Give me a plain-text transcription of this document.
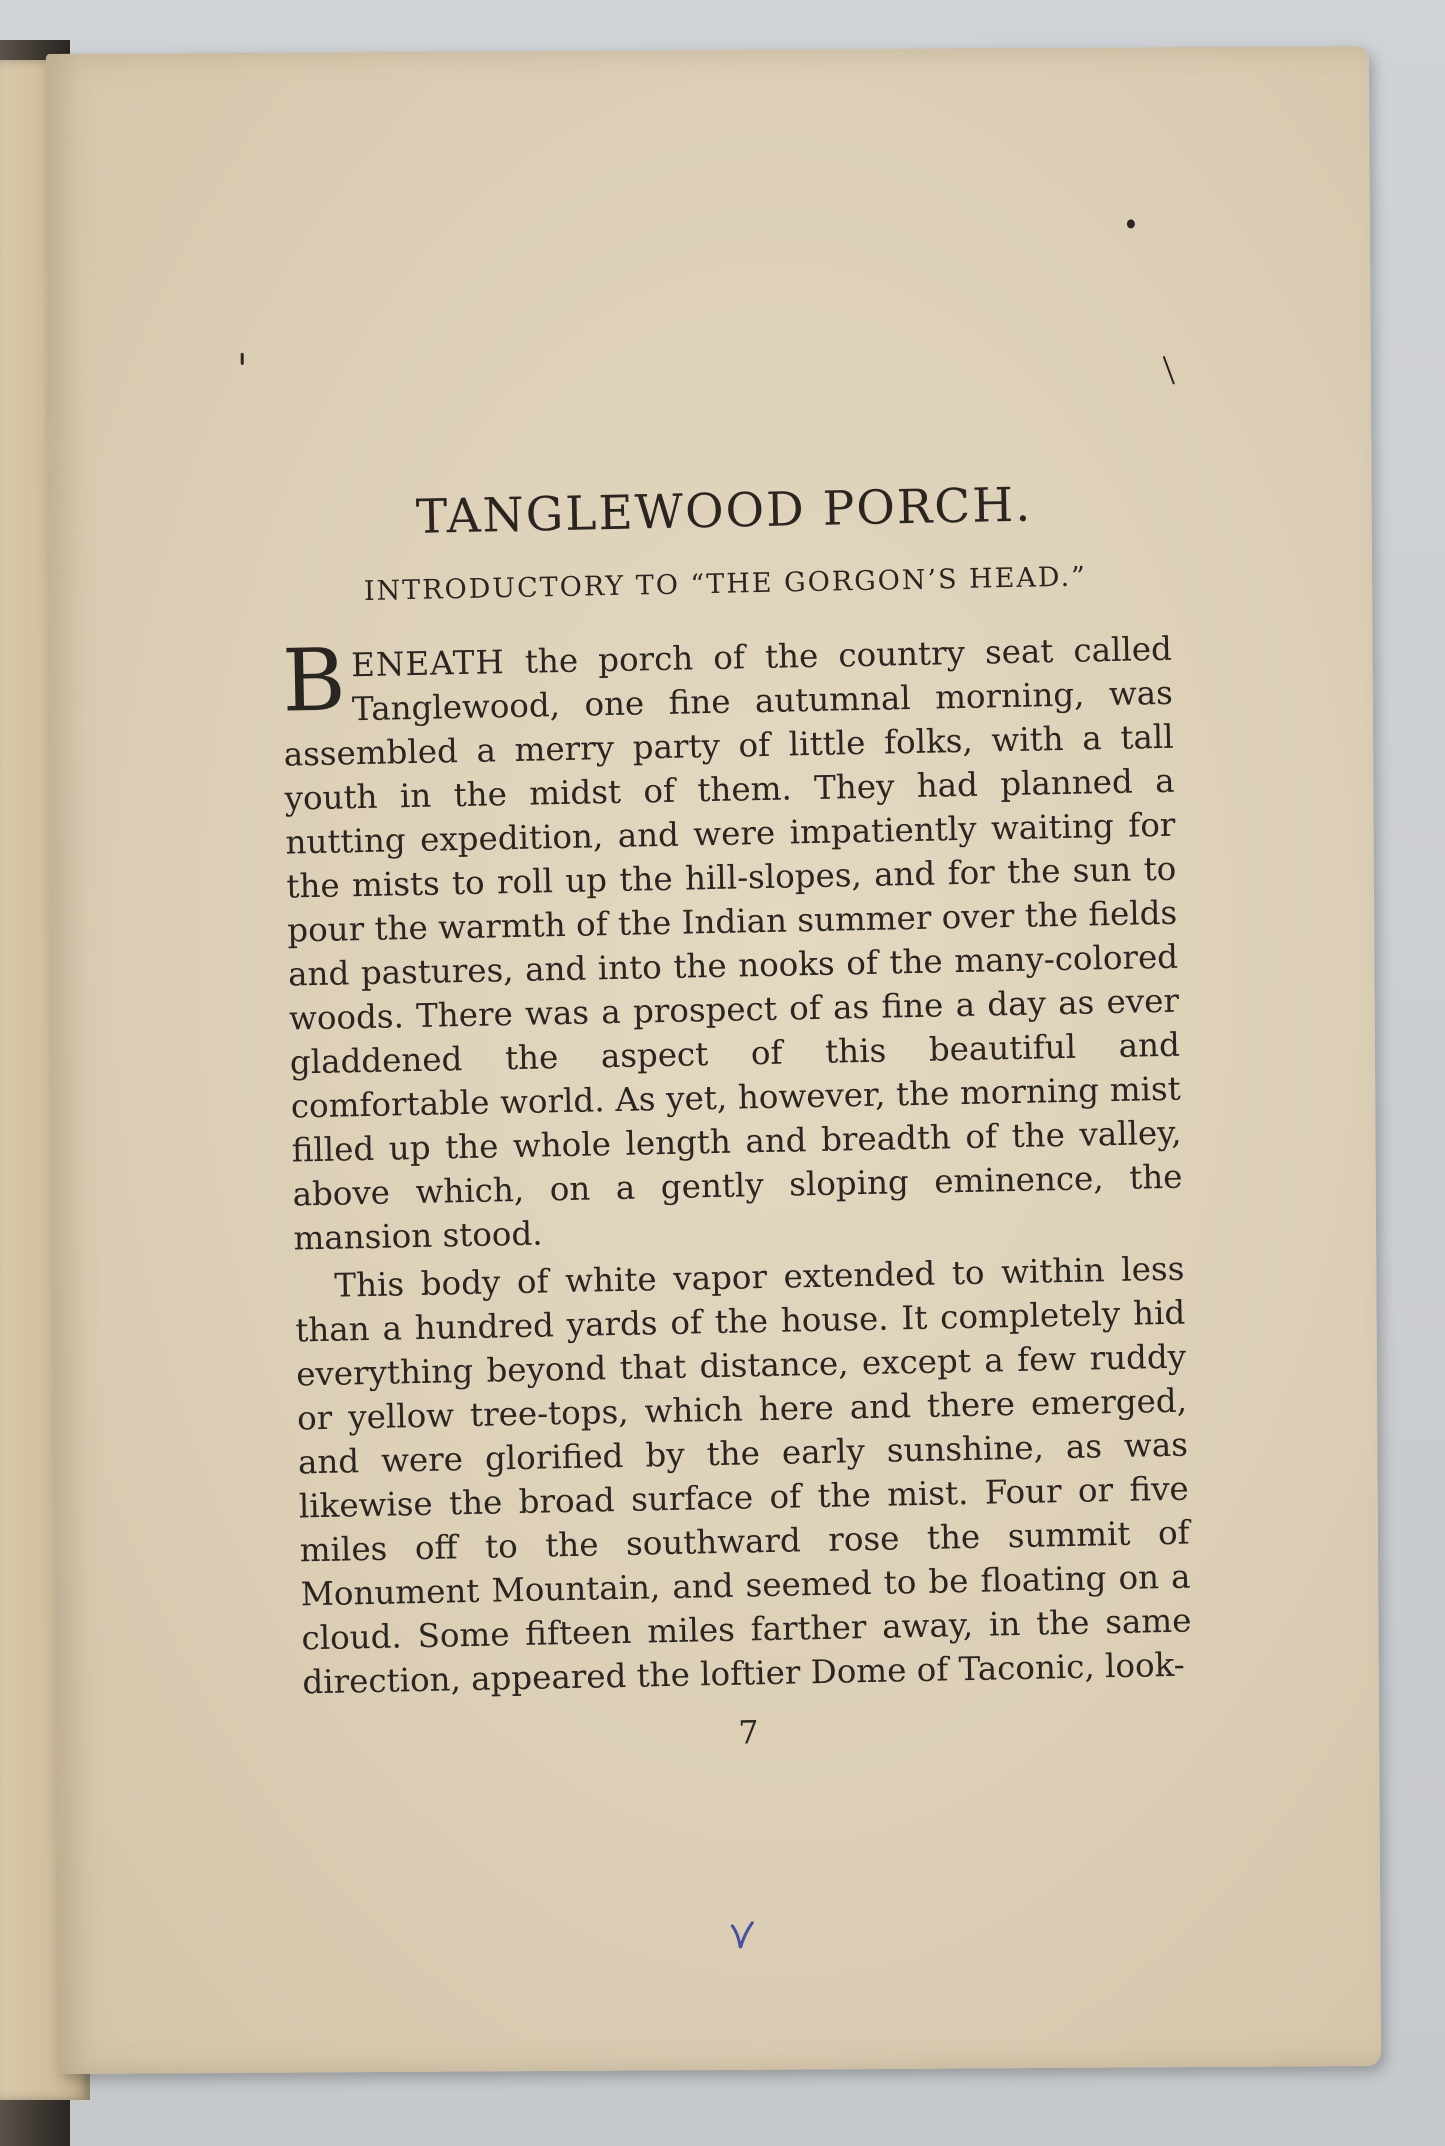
TANGLEWOOD PORCH.
INTRODUCTORY TO “THE GORGON’S HEAD.”

BENEATH the porch of the country seat called Tanglewood, one fine autumnal morning, was assembled a merry party of little folks, with a tall youth in the midst of them. They had planned a nutting expedition, and were impatiently waiting for the mists to roll up the hill-slopes, and for the sun to pour the warmth of the Indian summer over the fields and pastures, and into the nooks of the many-colored woods. There was a prospect of as fine a day as ever gladdened the aspect of this beautiful and comfortable world. As yet, however, the morning mist filled up the whole length and breadth of the valley, above which, on a gently sloping eminence, the mansion stood.

This body of white vapor extended to within less than a hundred yards of the house. It completely hid everything beyond that distance, except a few ruddy or yellow tree-tops, which here and there emerged, and were glorified by the early sunshine, as was likewise the broad surface of the mist. Four or five miles off to the southward rose the summit of Monument Mountain, and seemed to be floating on a cloud. Some fifteen miles farther away, in the same direction, appeared the loftier Dome of Taconic, look-

7
